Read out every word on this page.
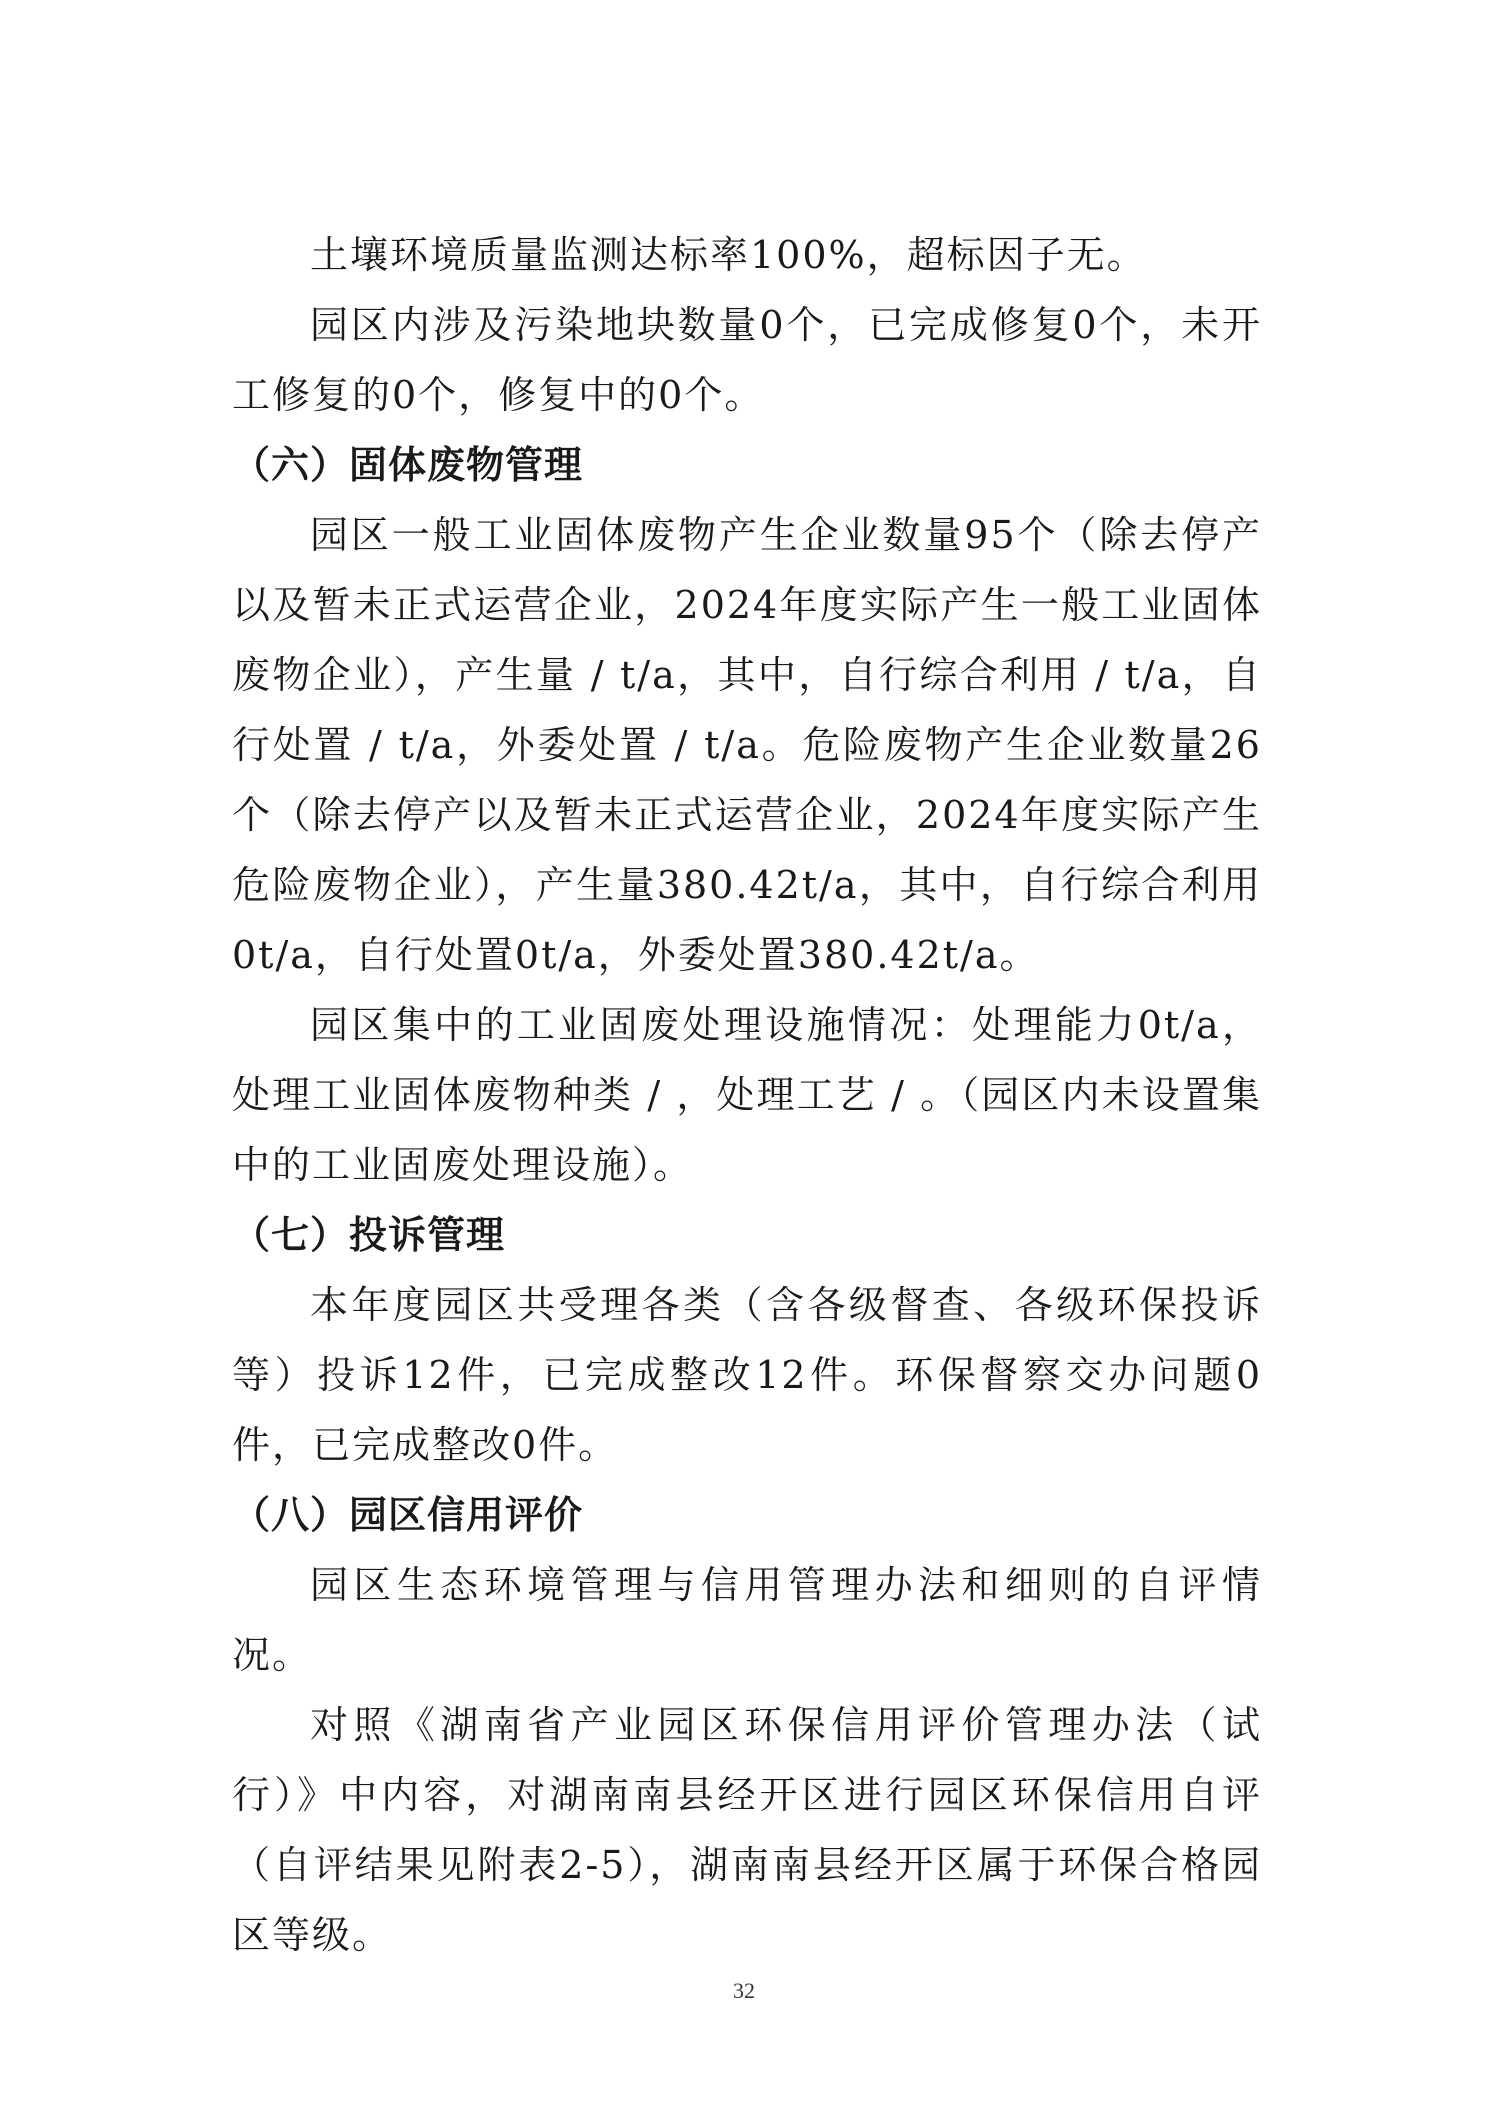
土壤环境质量监测达标率100%，超标因子无。

园区内涉及污染地块数量0个，已完成修复0个，未开工修复的0个，修复中的0个。

（六）固体废物管理

园区一般工业固体废物产生企业数量95个（除去停产以及暂未正式运营企业，2024年度实际产生一般工业固体废物企业），产生量 / t/a，其中，自行综合利用 / t/a，自行处置 / t/a，外委处置 / t/a。危险废物产生企业数量26个（除去停产以及暂未正式运营企业，2024年度实际产生危险废物企业），产生量380.42t/a，其中，自行综合利用0t/a，自行处置0t/a，外委处置380.42t/a。

园区集中的工业固废处理设施情况：处理能力0t/a，处理工业固体废物种类 / ，处理工艺 / 。（园区内未设置集中的工业固废处理设施）。

（七）投诉管理

本年度园区共受理各类（含各级督查、各级环保投诉等）投诉12件，已完成整改12件。环保督察交办问题0件，已完成整改0件。

（八）园区信用评价

园区生态环境管理与信用管理办法和细则的自评情况。

对照《湖南省产业园区环保信用评价管理办法（试行）》中内容，对湖南南县经开区进行园区环保信用自评（自评结果见附表2-5），湖南南县经开区属于环保合格园区等级。

32
